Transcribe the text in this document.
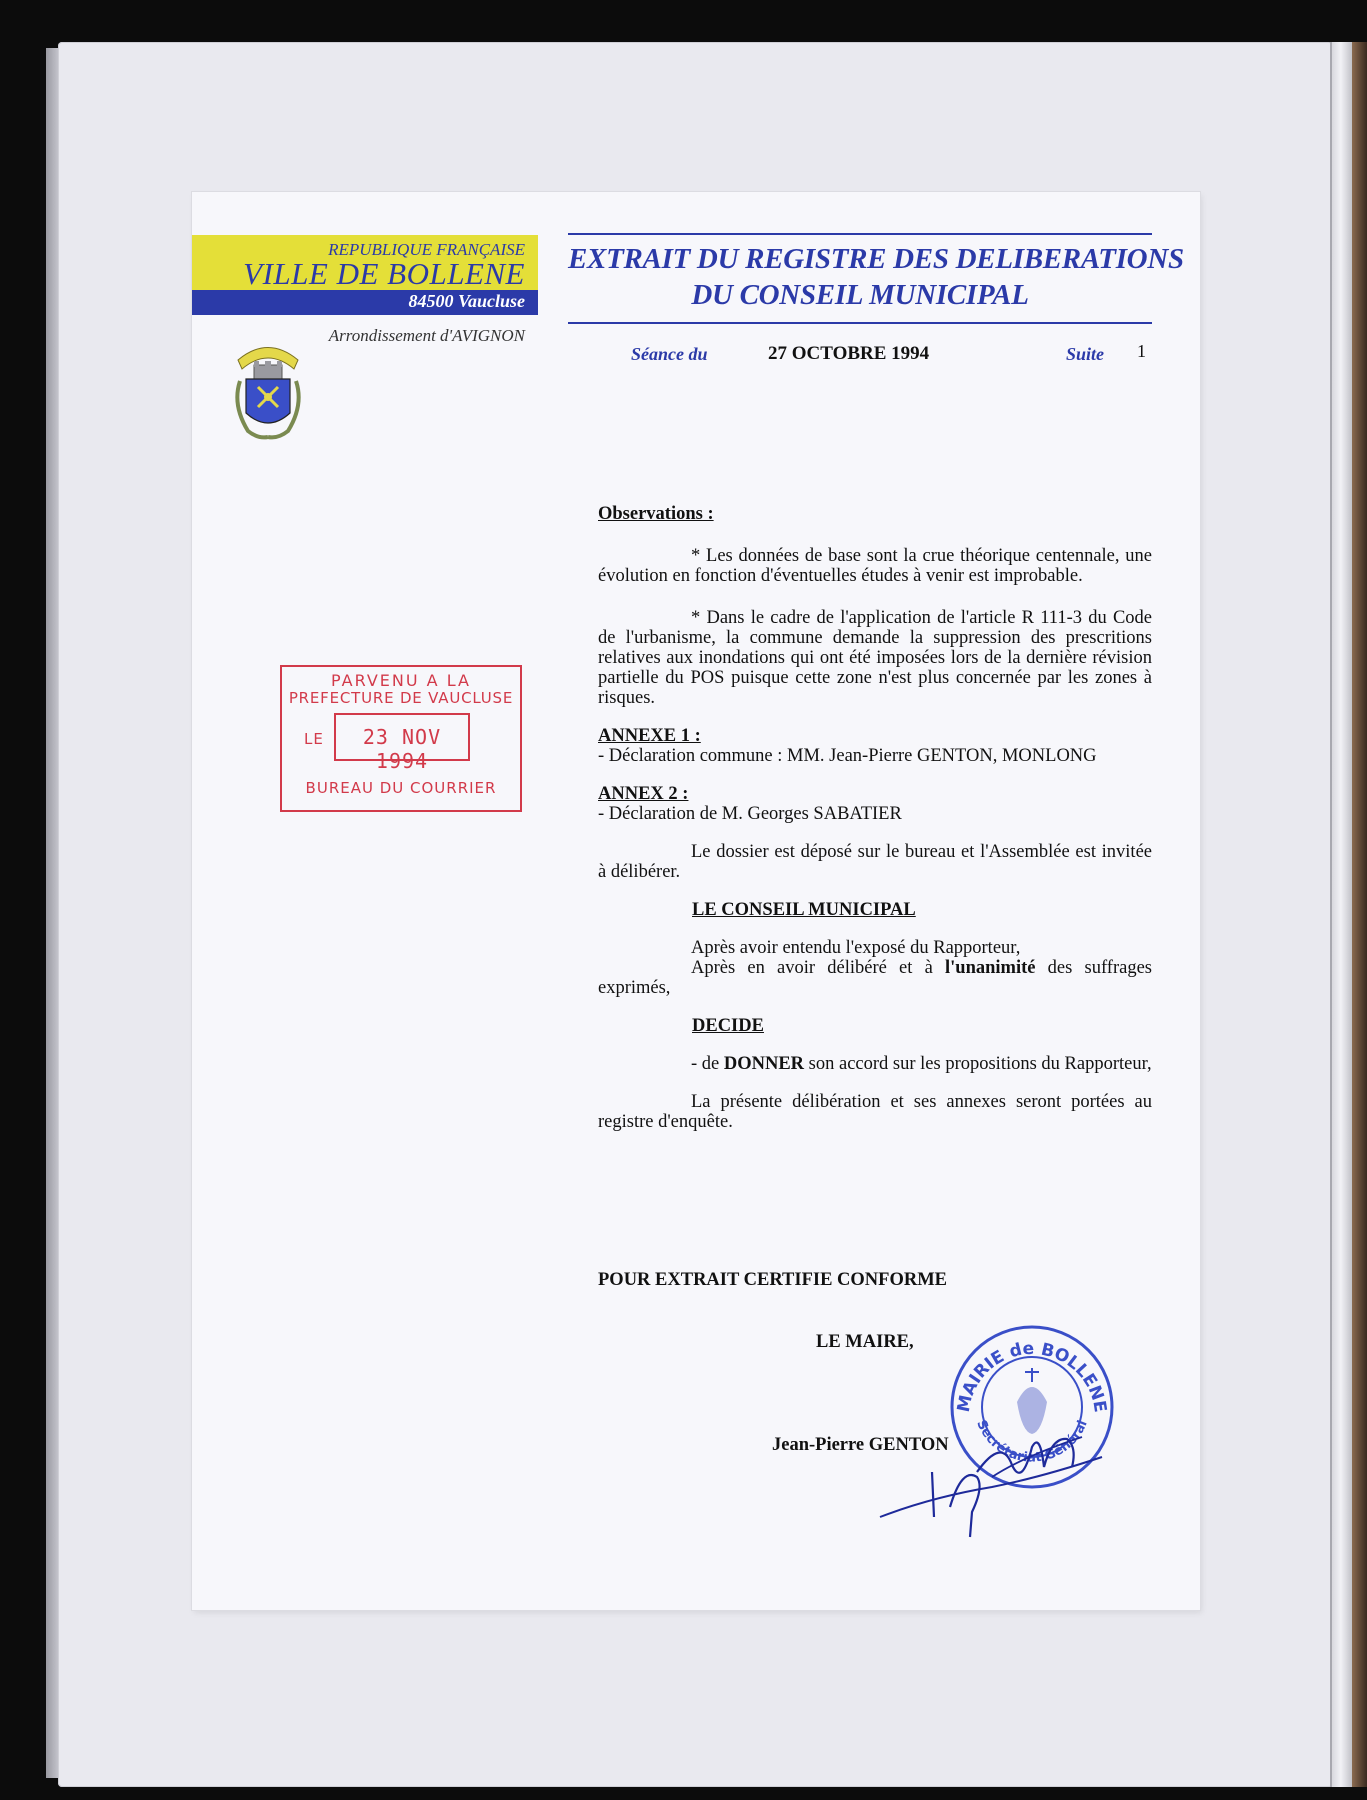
REPUBLIQUE FRANÇAISE
VILLE DE BOLLENE
84500 Vaucluse
Arrondissement d'AVIGNON
EXTRAIT DU REGISTRE DES DELIBERATIONS
DU CONSEIL MUNICIPAL
Séance du	27 OCTOBRE 1994	Suite 1

Observations :

* Les données de base sont la crue théorique centennale, une évolution en fonction d'éventuelles études à venir est improbable.

* Dans le cadre de l'application de l'article R 111-3 du Code de l'urbanisme, la commune demande la suppression des prescritions relatives aux inondations qui ont été imposées lors de la dernière révision partielle du POS puisque cette zone n'est plus concernée par les zones à risques.

ANNEXE 1 :

- Déclaration commune : MM. Jean-Pierre GENTON, MONLONG

ANNEX 2 :

- Déclaration de M. Georges SABATIER

Le dossier est déposé sur le bureau et l'Assemblée est invitée à délibérer.

LE CONSEIL MUNICIPAL

Après avoir entendu l'exposé du Rapporteur,

Après en avoir délibéré et à l'unanimité des suffrages exprimés,

DECIDE

- de DONNER son accord sur les propositions du Rapporteur,

La présente délibération et ses annexes seront portées au registre d'enquête.

POUR EXTRAIT CERTIFIE CONFORME
LE MAIRE,
Jean-Pierre GENTON
PARVENU A LA
PREFECTURE DE VAUCLUSE
LE	23 NOV 1994
BUREAU DU COURRIER
MAIRIE de BOLLENE
Secrétariat Général
